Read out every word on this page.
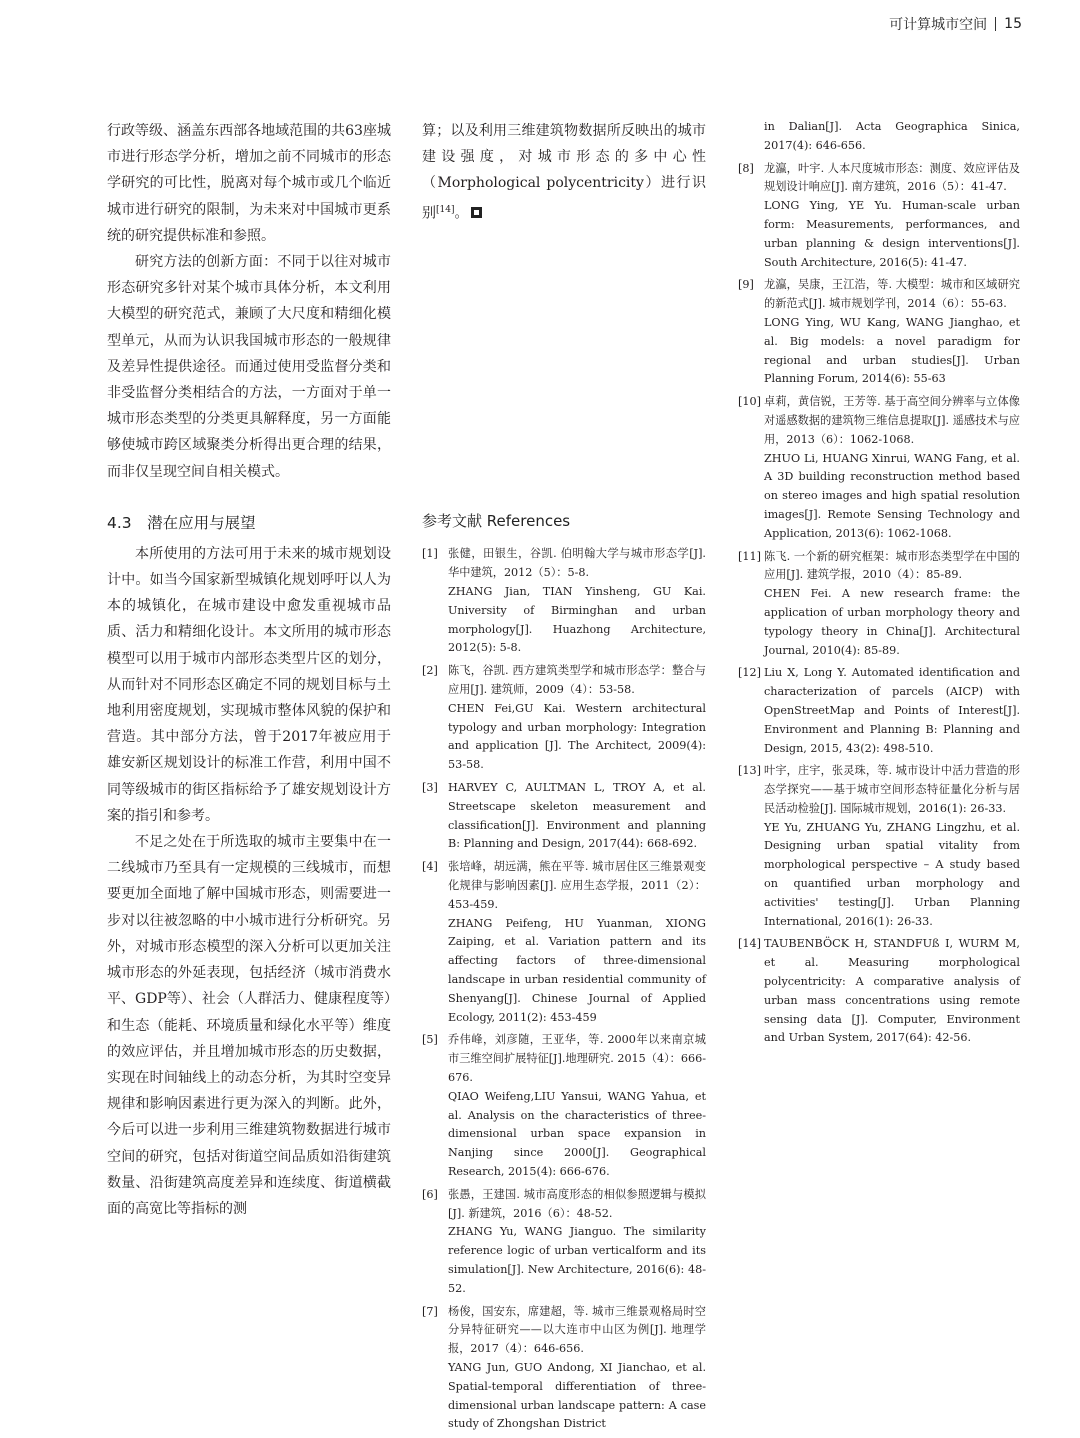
可计算城市空间 15

行政等级、涵盖东西部各地域范围的共63座城市进行形态学分析，增加之前不同城市的形态学研究的可比性，脱离对每个城市或几个临近城市进行研究的限制，为未来对中国城市更系统的研究提供标准和参照。

研究方法的创新方面：不同于以往对城市形态研究多针对某个城市具体分析，本文利用大模型的研究范式，兼顾了大尺度和精细化模型单元，从而为认识我国城市形态的一般规律及差异性提供途径。而通过使用受监督分类和非受监督分类相结合的方法，一方面对于单一城市形态类型的分类更具解释度，另一方面能够使城市跨区域聚类分析得出更合理的结果，而非仅呈现空间自相关模式。

4.3　潜在应用与展望

本所使用的方法可用于未来的城市规划设计中。如当今国家新型城镇化规划呼吁以人为本的城镇化，在城市建设中愈发重视城市品质、活力和精细化设计。本文所用的城市形态模型可以用于城市内部形态类型片区的划分，从而针对不同形态区确定不同的规划目标与土地利用密度规划，实现城市整体风貌的保护和营造。其中部分方法，曾于2017年被应用于雄安新区规划设计的标准工作营，利用中国不同等级城市的街区指标给予了雄安规划设计方案的指引和参考。

不足之处在于所选取的城市主要集中在一二线城市乃至具有一定规模的三线城市，而想要更加全面地了解中国城市形态，则需要进一步对以往被忽略的中小城市进行分析研究。另外，对城市形态模型的深入分析可以更加关注城市形态的外延表现，包括经济（城市消费水平、GDP等）、社会（人群活力、健康程度等）和生态（能耗、环境质量和绿化水平等）维度的效应评估，并且增加城市形态的历史数据，实现在时间轴线上的动态分析，为其时空变异规律和影响因素进行更为深入的判断。此外，今后可以进一步利用三维建筑物数据进行城市空间的研究，包括对街道空间品质如沿街建筑数量、沿街建筑高度差异和连续度、街道横截面的高宽比等指标的测

算；以及利用三维建筑物数据所反映出的城市建设强度，对城市形态的多中心性（Morphological polycentricity）进行识别[14]。

参考文献 References
[1] 张健，田银生，谷凯. 伯明翰大学与城市形态学[J]. 华中建筑，2012（5）：5-8.
ZHANG Jian, TIAN Yinsheng, GU Kai. University of Birminghan and urban morphology[J]. Huazhong Architecture, 2012(5): 5-8.
[2] 陈飞，谷凯. 西方建筑类型学和城市形态学：整合与应用[J]. 建筑师，2009（4）：53-58.
CHEN Fei,GU Kai. Western architectural typology and urban morphology: Integration and application [J]. The Architect, 2009(4): 53-58.
[3] HARVEY C, AULTMAN L, TROY A, et al. Streetscape skeleton measurement and classification[J]. Environment and planning B: Planning and Design, 2017(44): 668-692.
[4] 张培峰，胡远满，熊在平等. 城市居住区三维景观变化规律与影响因素[J]. 应用生态学报，2011（2）：453-459.
ZHANG Peifeng, HU Yuanman, XIONG Zaiping, et al. Variation pattern and its affecting factors of three-dimensional landscape in urban residential community of Shenyang[J]. Chinese Journal of Applied Ecology, 2011(2): 453-459
[5] 乔伟峰，刘彦随，王亚华，等. 2000年以来南京城市三维空间扩展特征[J].地理研究. 2015（4）：666-676.
QIAO Weifeng,LIU Yansui, WANG Yahua, et al. Analysis on the characteristics of three-dimensional urban space expansion in Nanjing since 2000[J]. Geographical Research, 2015(4): 666-676.
[6] 张愚，王建国. 城市高度形态的相似参照逻辑与模拟[J]. 新建筑，2016（6）：48-52.
ZHANG Yu, WANG Jianguo. The similarity reference logic of urban verticalform and its simulation[J]. New Architecture, 2016(6): 48-52.
[7] 杨俊，国安东，席建超，等. 城市三维景观格局时空分异特征研究——以大连市中山区为例[J]. 地理学报，2017（4）：646-656.
YANG Jun, GUO Andong, XI Jianchao, et al. Spatial-temporal differentiation of three-dimensional urban landscape pattern: A case study of Zhongshan District
in Dalian[J]. Acta Geographica Sinica, 2017(4): 646-656.
[8] 龙瀛，叶宇. 人本尺度城市形态：测度、效应评估及规划设计响应[J]. 南方建筑，2016（5）：41-47.
LONG Ying, YE Yu. Human-scale urban form: Measurements, performances, and urban planning & design interventions[J]. South Architecture, 2016(5): 41-47.
[9] 龙瀛，吴康，王江浩，等. 大模型：城市和区域研究的新范式[J]. 城市规划学刊，2014（6）：55-63.
LONG Ying, WU Kang, WANG Jianghao, et al. Big models: a novel paradigm for regional and urban studies[J]. Urban Planning Forum, 2014(6): 55-63
[10] 卓莉，黄信锐，王芳等. 基于高空间分辨率与立体像对遥感数据的建筑物三维信息提取[J]. 遥感技术与应用，2013（6）：1062-1068.
ZHUO Li, HUANG Xinrui, WANG Fang, et al. A 3D building reconstruction method based on stereo images and high spatial resolution images[J]. Remote Sensing Technology and Application, 2013(6): 1062-1068.
[11] 陈飞. 一个新的研究框架：城市形态类型学在中国的应用[J]. 建筑学报，2010（4）：85-89.
CHEN Fei. A new research frame: the application of urban morphology theory and typology theory in China[J]. Architectural Journal, 2010(4): 85-89.
[12] Liu X, Long Y. Automated identification and characterization of parcels (AICP) with OpenStreetMap and Points of Interest[J]. Environment and Planning B: Planning and Design, 2015, 43(2): 498-510.
[13] 叶宇，庄宇，张灵珠，等. 城市设计中活力营造的形态学探究——基于城市空间形态特征量化分析与居民活动检验[J]. 国际城市规划，2016(1): 26-33.
YE Yu, ZHUANG Yu, ZHANG Lingzhu, et al. Designing urban spatial vitality from morphological perspective – A study based on quantified urban morphology and activities' testing[J]. Urban Planning International, 2016(1): 26-33.
[14] TAUBENBÖCK H, STANDFUß I, WURM M, et al. Measuring morphological polycentricity: A comparative analysis of urban mass concentrations using remote sensing data [J]. Computer, Environment and Urban System, 2017(64): 42-56.
